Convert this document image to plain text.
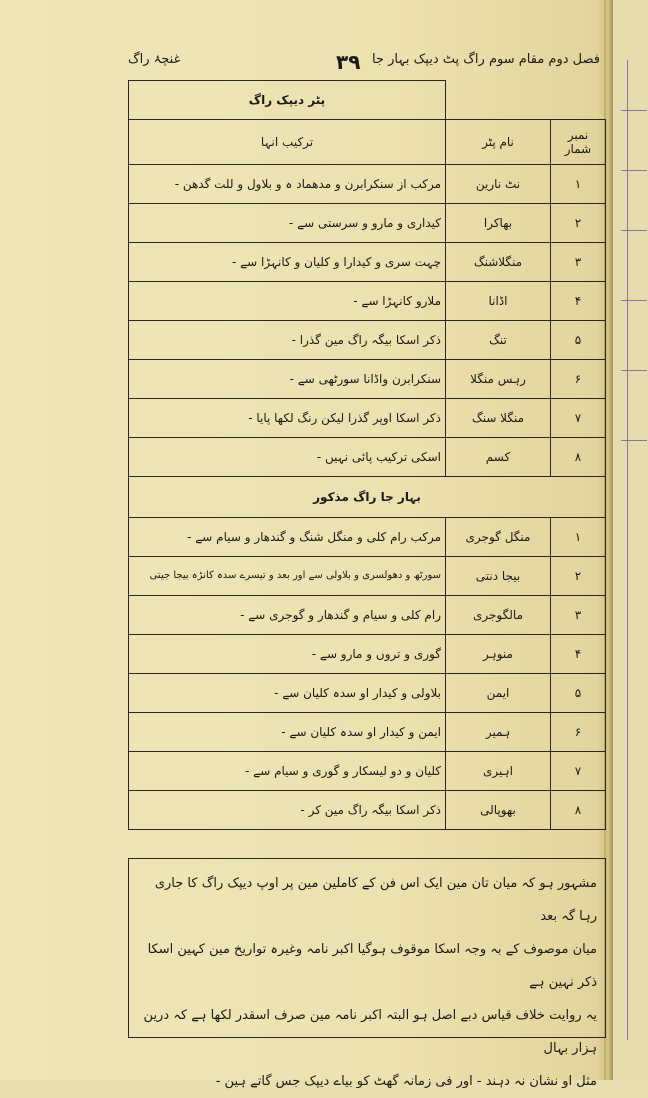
فصل دوم مقام سوم راگ پٹ دیپک بہار جا
۳۹
غنچۂ راگ
		پٹر دیپک راگ
نمبر شمار	نام پٹر	ترکیب انہا
۱	نٹ نارین	مرکب از سنکرابرن و مدھماد ہ و بلاول و للت گدھن -
۲	بھاکرا	کیداری و مارو و سرستی سے -
۳	منگلاشنگ	چہت سری و کیدارا و کلیان و کانہڑا سے -
۴	اڈانا	ملارو کانہڑا سے -
۵	تنگ	ذکر اسکا بیگہ راگ مین گذرا -
۶	رہس منگلا	سنکرابرن واڈانا سورٹھی سے -
۷	منگلا سنگ	ذکر اسکا اوپر گذرا لیکن رنگ لکھا پایا -
۸	کسم	اسکی ترکیب پائی نہیں -
بہار جا راگ مذکور		
۱	منگل گوجری	مرکب رام کلی و منگل شنگ و گندھار و سیام سے -
۲	بیجا دنتی	سورٹھ و دھولسری و بلاولی سے اور بعد و تیسرے سدہ کانڑہ بیجا جیتی
۳	مالگوجری	رام کلی و سیام و گندھار و گوجری سے -
۴	منوہر	گوری و تروں و مارو سے -
۵	ایمن	بلاولی و کیدار او سدہ کلیان سے -
۶	ہمیر	ایمن و کیدار او سدہ کلیان سے -
۷	اہیری	کلیان و دو لیسکار و گوری و سیام سے -
۸	بھوپالی	ذکر اسکا بیگہ راگ مین کر -

مشہور ہو کہ میان تان مین ایک اس فن کے کاملین مین پر اوپ دیپک راگ کا جاری رہا گہ بعد

میان موصوف کے بہ وجہ اسکا موقوف ہوگیا اکبر نامہ وغیرہ تواریخ مین کہین اسکا ذکر نہین ہے

یہ روایت خلاف قیاس دبے اصل ہو البتہ اکبر نامہ مین صرف اسقدر لکھا ہے کہ درین ہزار بہال

مثل او نشان نہ دہند - اور فی زمانہ گھٹ کو بیاے دیپک جس گاتے ہین -
